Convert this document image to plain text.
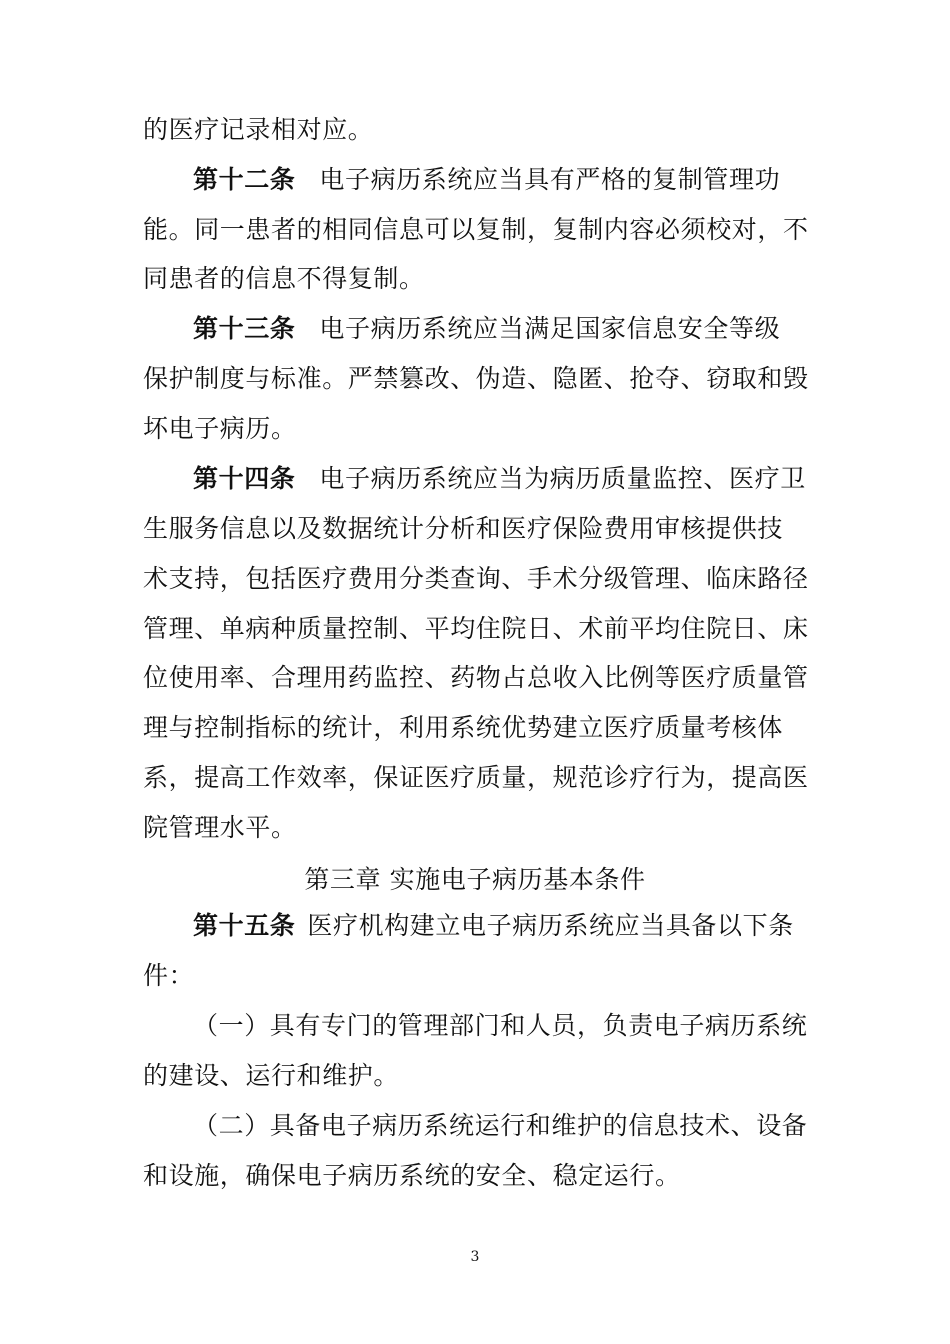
的医疗记录相对应。
第十二条 电子病历系统应当具有严格的复制管理功
能。同一患者的相同信息可以复制，复制内容必须校对，不
同患者的信息不得复制。
第十三条 电子病历系统应当满足国家信息安全等级
保护制度与标准。严禁篡改、伪造、隐匿、抢夺、窃取和毁
坏电子病历。
第十四条 电子病历系统应当为病历质量监控、医疗卫
生服务信息以及数据统计分析和医疗保险费用审核提供技
术支持，包括医疗费用分类查询、手术分级管理、临床路径
管理、单病种质量控制、平均住院日、术前平均住院日、床
位使用率、合理用药监控、药物占总收入比例等医疗质量管
理与控制指标的统计，利用系统优势建立医疗质量考核体
系，提高工作效率，保证医疗质量，规范诊疗行为，提高医
院管理水平。
第三章 实施电子病历基本条件
第十五条 医疗机构建立电子病历系统应当具备以下条
件：
（一）具有专门的管理部门和人员，负责电子病历系统
的建设、运行和维护。
（二）具备电子病历系统运行和维护的信息技术、设备
和设施，确保电子病历系统的安全、稳定运行。
3
